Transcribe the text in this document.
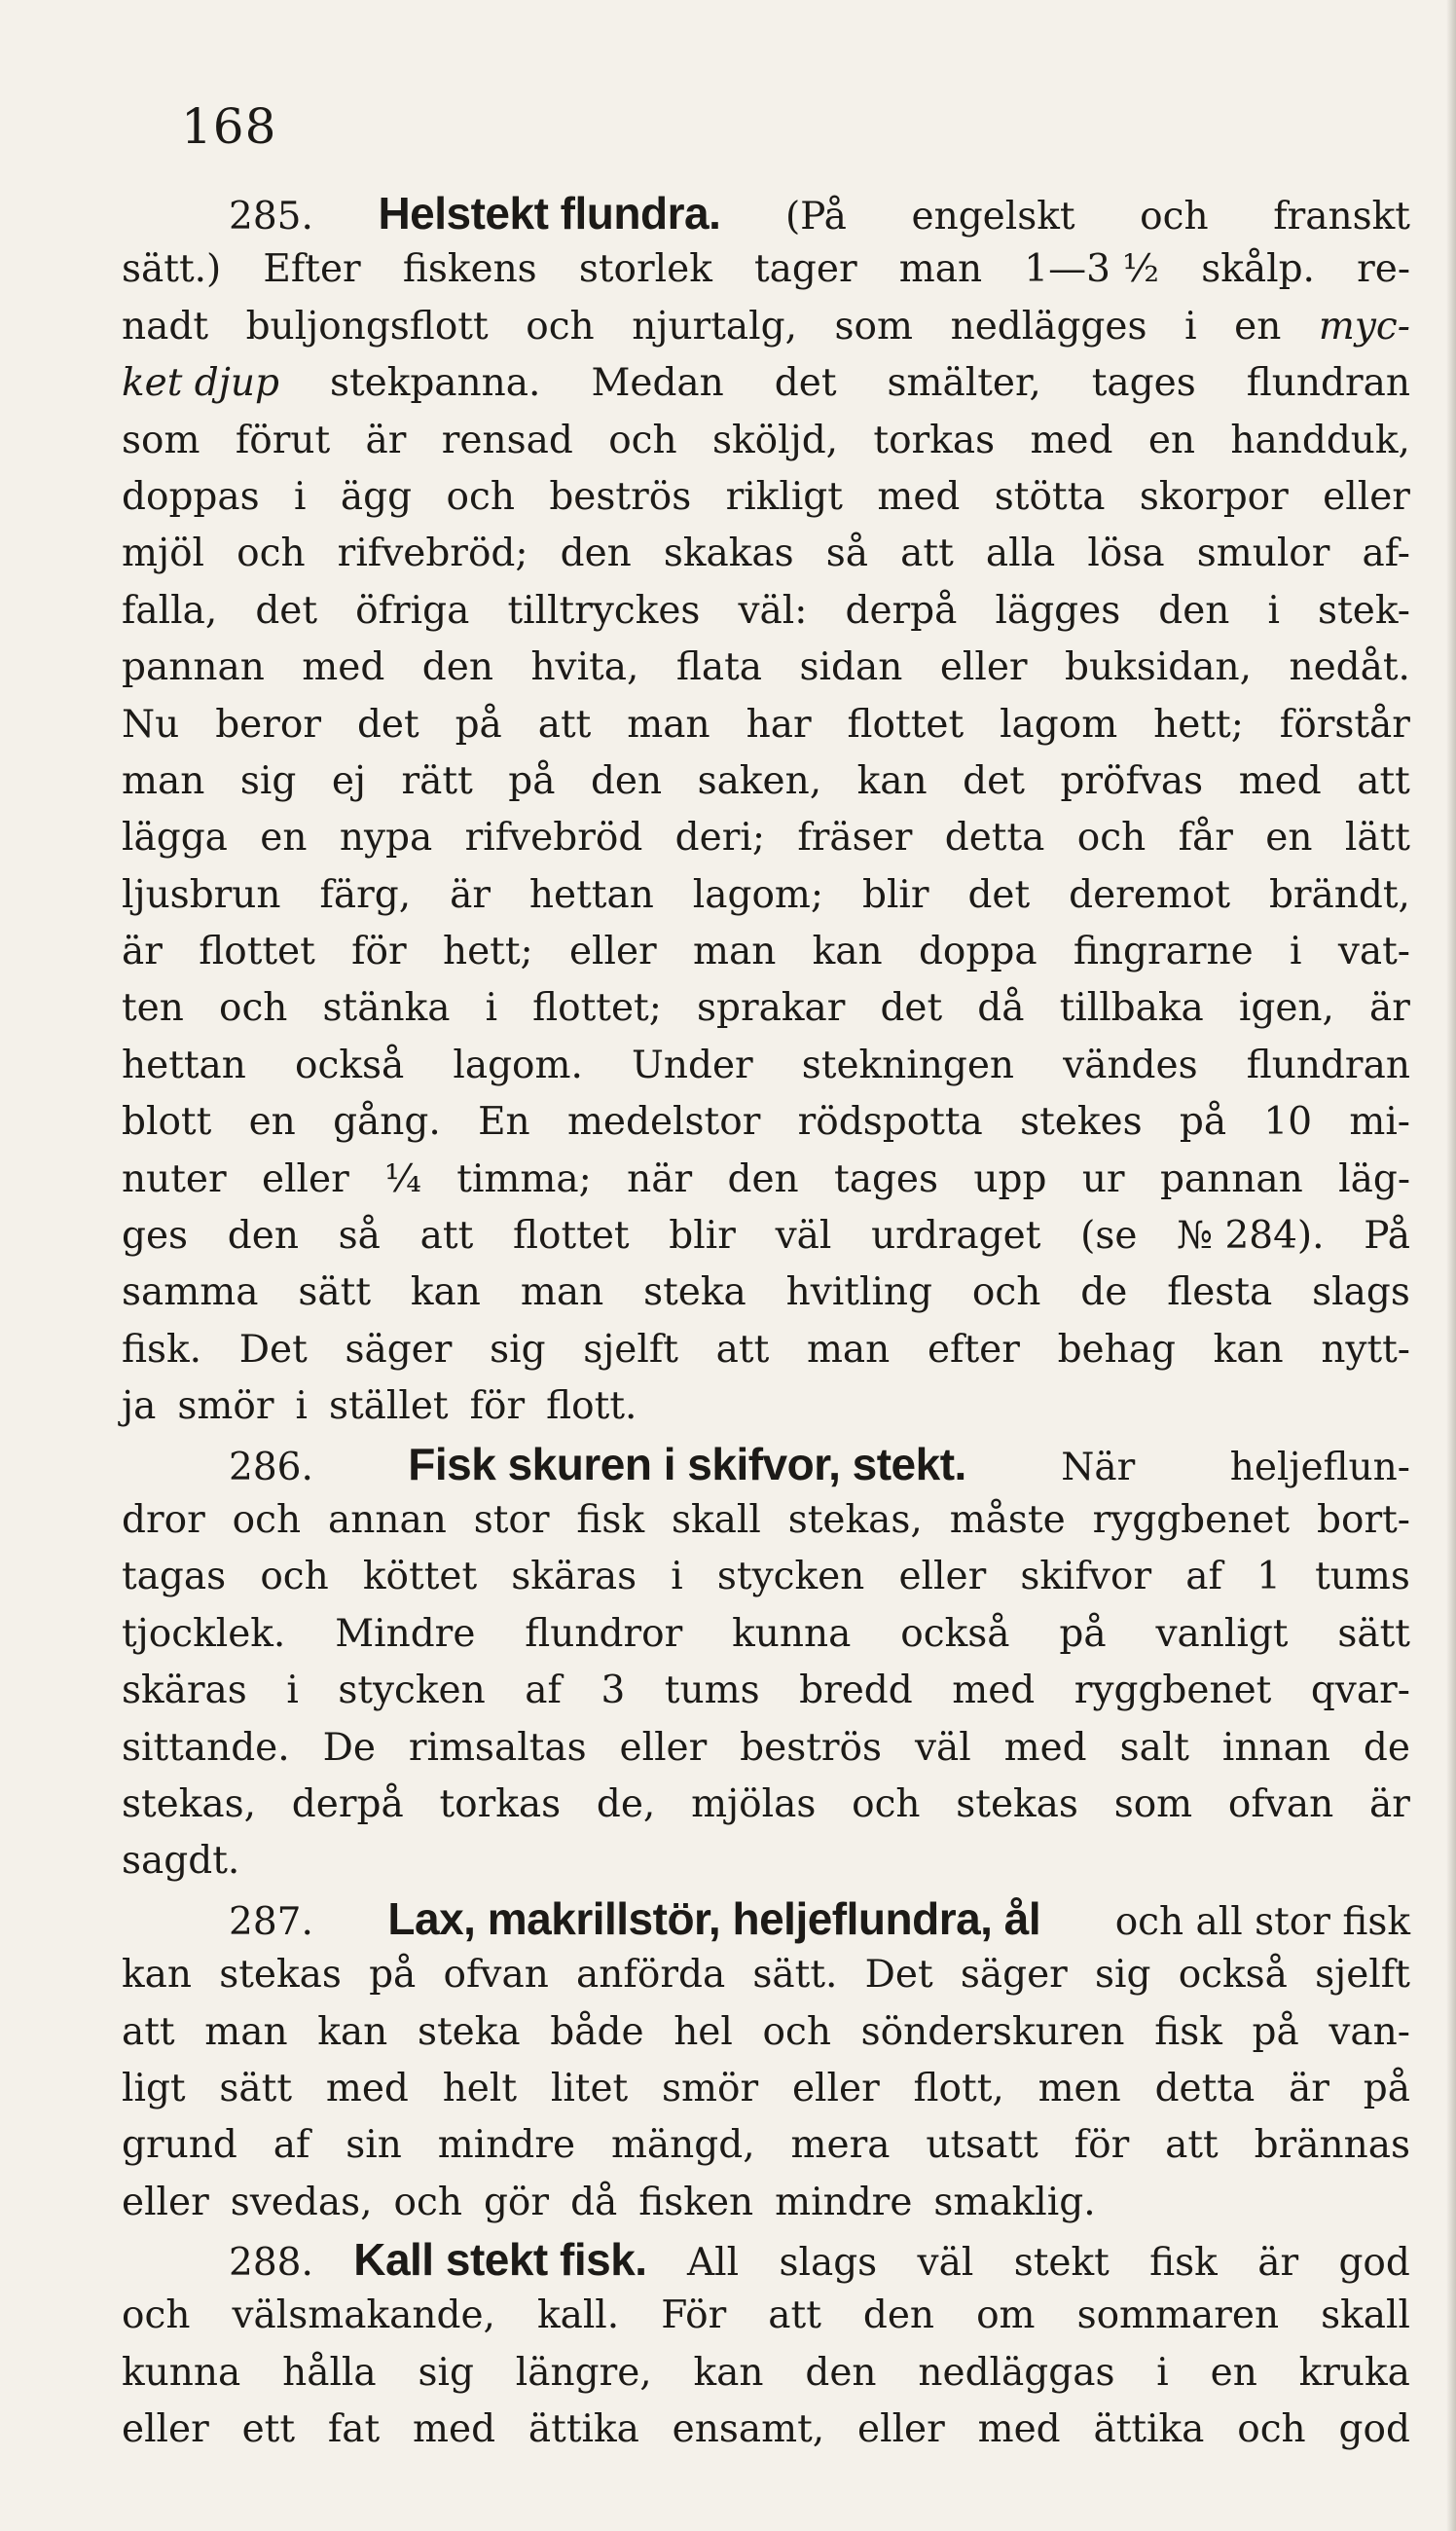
168
285. Helstekt flundra. (På engelskt och franskt
sätt.) Efter fiskens storlek tager man 1—3 ½ skålp. re-
nadt buljongsflott och njurtalg, som nedlägges i en myc-
ket djup stekpanna. Medan det smälter, tages flundran
som förut är rensad och sköljd, torkas med en handduk,
doppas i ägg och beströs rikligt med stötta skorpor eller
mjöl och rifvebröd; den skakas så att alla lösa smulor af-
falla, det öfriga tilltryckes väl: derpå lägges den i stek-
pannan med den hvita, flata sidan eller buksidan, nedåt.
Nu beror det på att man har flottet lagom hett; förstår
man sig ej rätt på den saken, kan det pröfvas med att
lägga en nypa rifvebröd deri; fräser detta och får en lätt
ljusbrun färg, är hettan lagom; blir det deremot brändt,
är flottet för hett; eller man kan doppa fingrarne i vat-
ten och stänka i flottet; sprakar det då tillbaka igen, är
hettan också lagom. Under stekningen vändes flundran
blott en gång. En medelstor rödspotta stekes på 10 mi-
nuter eller ¼ timma; när den tages upp ur pannan läg-
ges den så att flottet blir väl urdraget (se № 284). På
samma sätt kan man steka hvitling och de flesta slags
fisk. Det säger sig sjelft att man efter behag kan nytt-
ja smör i stället för flott.
286. Fisk skuren i skifvor, stekt. När heljeflun-
dror och annan stor fisk skall stekas, måste ryggbenet bort-
tagas och köttet skäras i stycken eller skifvor af 1 tums
tjocklek. Mindre flundror kunna också på vanligt sätt
skäras i stycken af 3 tums bredd med ryggbenet qvar-
sittande. De rimsaltas eller beströs väl med salt innan de
stekas, derpå torkas de, mjölas och stekas som ofvan är
sagdt.
287. Lax, makrillstör, heljeflundra, ål och all stor fisk
kan stekas på ofvan anförda sätt. Det säger sig också sjelft
att man kan steka både hel och sönderskuren fisk på van-
ligt sätt med helt litet smör eller flott, men detta är på
grund af sin mindre mängd, mera utsatt för att brännas
eller svedas, och gör då fisken mindre smaklig.
288. Kall stekt fisk. All slags väl stekt fisk är god
och välsmakande, kall. För att den om sommaren skall
kunna hålla sig längre, kan den nedläggas i en kruka
eller ett fat med ättika ensamt, eller med ättika och god
